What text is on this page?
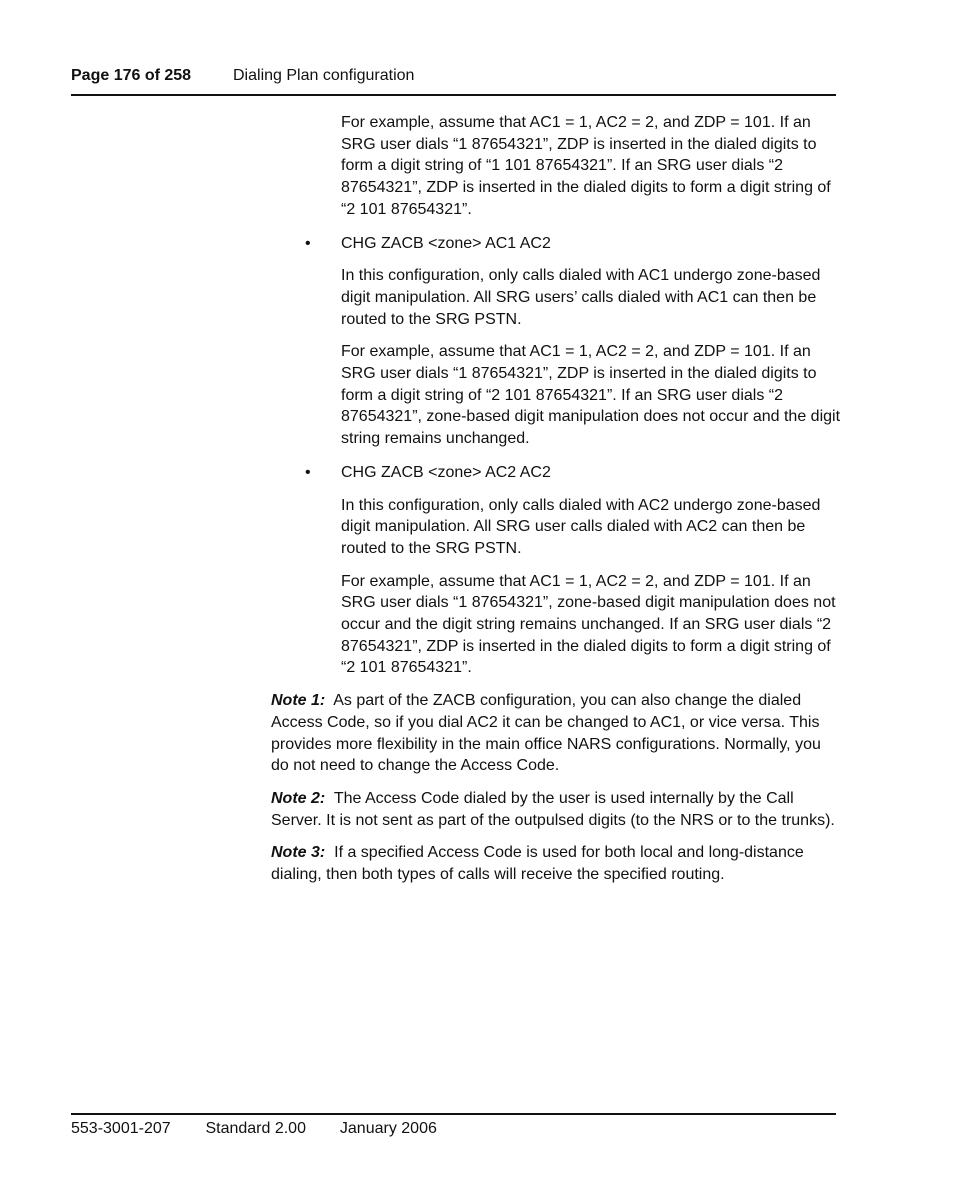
Page 176 of 258	Dialing Plan configuration

For example, assume that AC1 = 1, AC2 = 2, and ZDP = 101. If an SRG user dials “1 87654321”, ZDP is inserted in the dialed digits to form a digit string of “1 101 87654321”. If an SRG user dials “2 87654321”, ZDP is inserted in the dialed digits to form a digit string of “2 101 87654321”.

• CHG ZACB <zone> AC1 AC2

In this configuration, only calls dialed with AC1 undergo zone-based digit manipulation. All SRG users’ calls dialed with AC1 can then be routed to the SRG PSTN.

For example, assume that AC1 = 1, AC2 = 2, and ZDP = 101. If an SRG user dials “1 87654321”, ZDP is inserted in the dialed digits to form a digit string of “2 101 87654321”. If an SRG user dials “2 87654321”, zone-based digit manipulation does not occur and the digit string remains unchanged.

• CHG ZACB <zone> AC2 AC2

In this configuration, only calls dialed with AC2 undergo zone-based digit manipulation. All SRG user calls dialed with AC2 can then be routed to the SRG PSTN.

For example, assume that AC1 = 1, AC2 = 2, and ZDP = 101. If an SRG user dials “1 87654321”, zone-based digit manipulation does not occur and the digit string remains unchanged. If an SRG user dials “2 87654321”, ZDP is inserted in the dialed digits to form a digit string of “2 101 87654321”.

Note 1: As part of the ZACB configuration, you can also change the dialed Access Code, so if you dial AC2 it can be changed to AC1, or vice versa. This provides more flexibility in the main office NARS configurations. Normally, you do not need to change the Access Code.

Note 2: The Access Code dialed by the user is used internally by the Call Server. It is not sent as part of the outpulsed digits (to the NRS or to the trunks).

Note 3: If a specified Access Code is used for both local and long-distance dialing, then both types of calls will receive the specified routing.

553-3001-207 Standard 2.00 January 2006
